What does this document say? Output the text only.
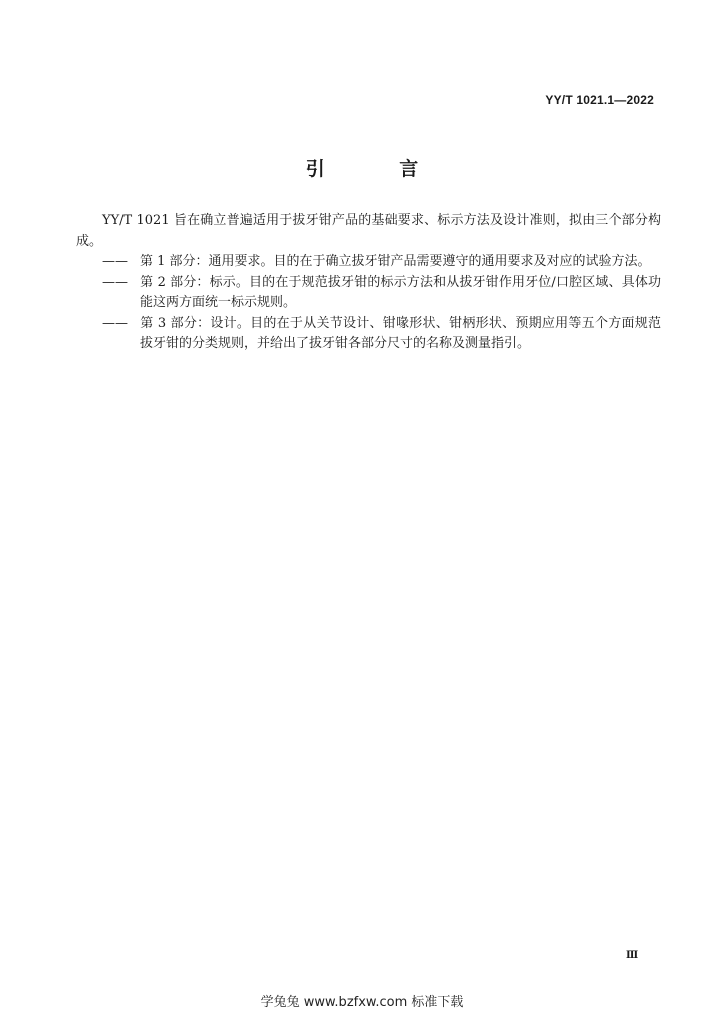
YY/T 1021.1—2022
引 言

YY/T 1021 旨在确立普遍适用于拔牙钳产品的基础要求、标示方法及设计准则，拟由三个部分构成。

—— 第 1 部分：通用要求。目的在于确立拔牙钳产品需要遵守的通用要求及对应的试验方法。
—— 第 2 部分：标示。目的在于规范拔牙钳的标示方法和从拔牙钳作用牙位/口腔区域、具体功能这两方面统一标示规则。
—— 第 3 部分：设计。目的在于从关节设计、钳喙形状、钳柄形状、预期应用等五个方面规范拔牙钳的分类规则，并给出了拔牙钳各部分尺寸的名称及测量指引。
Ⅲ
学兔兔 www.bzfxw.com 标准下载
